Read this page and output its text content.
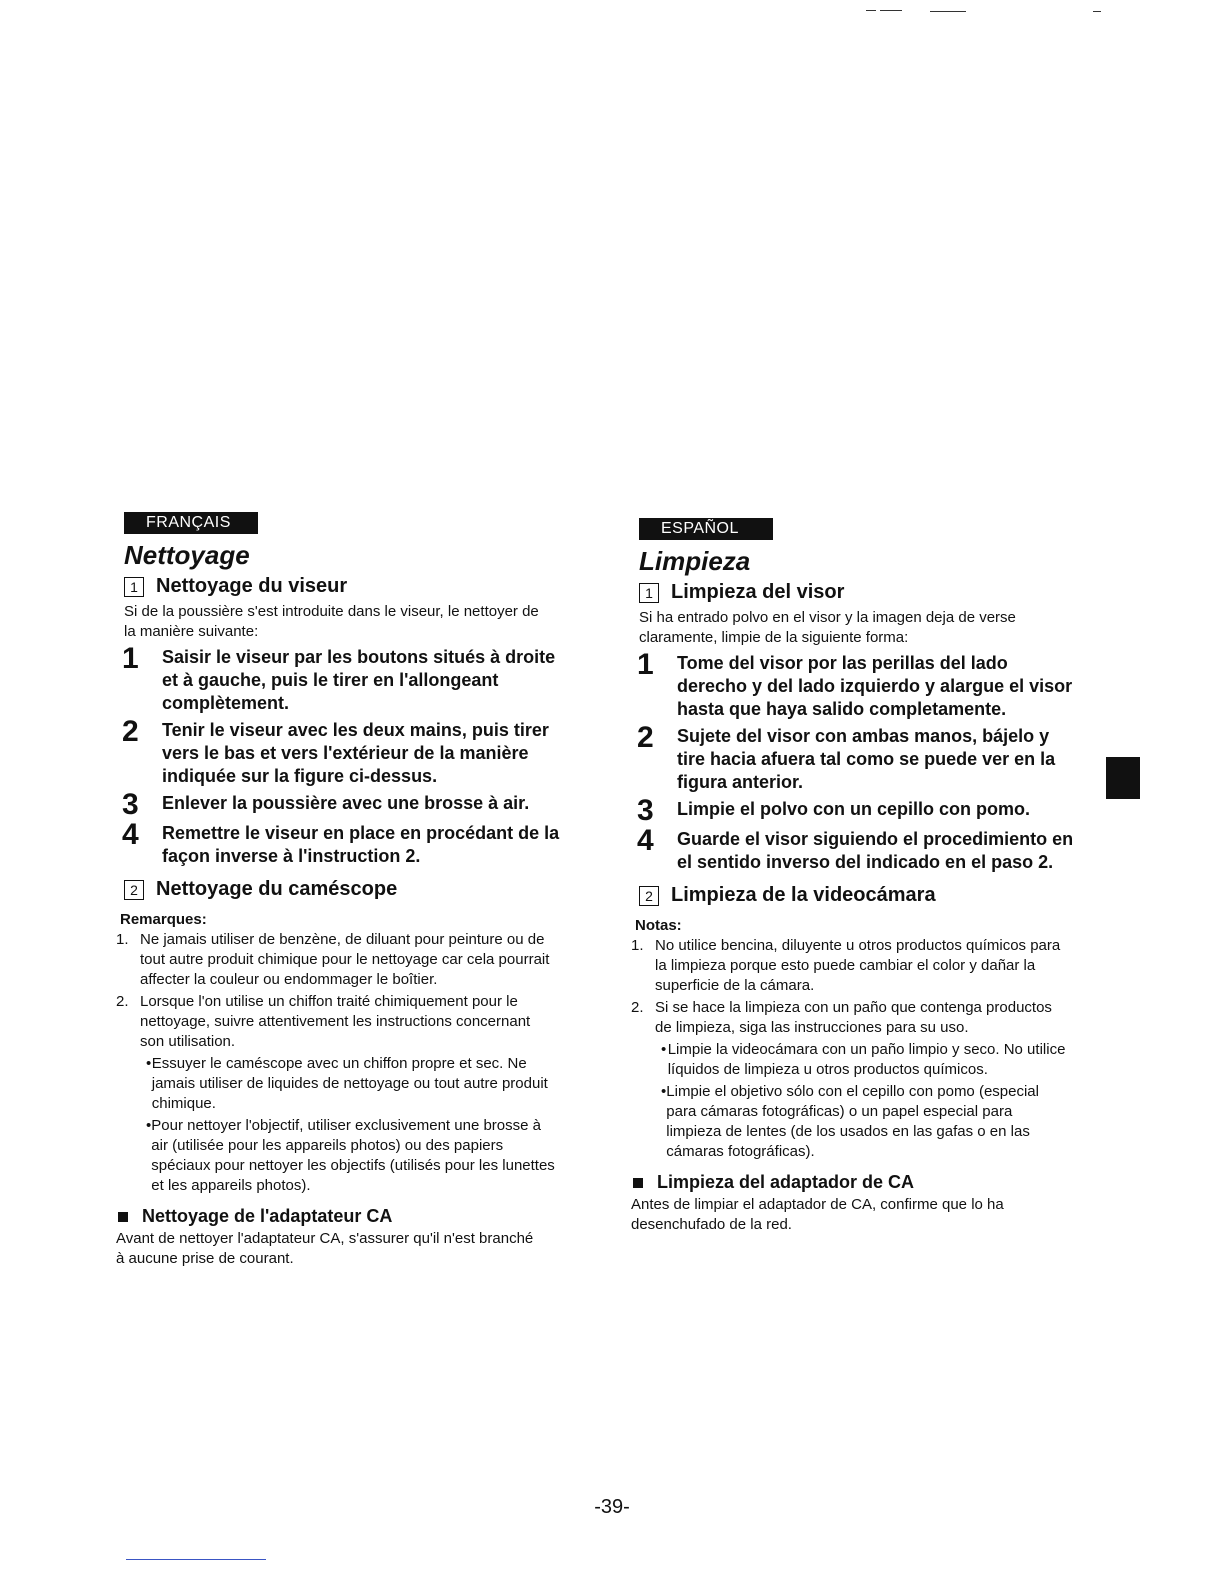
FRANÇAIS
Nettoyage
1 Nettoyage du viseur
Si de la poussière s'est introduite dans le viseur, le nettoyer de la manière suivante:
1	Saisir le viseur par les boutons situés à droite et à gauche, puis le tirer en l'allongeant complètement.
2	Tenir le viseur avec les deux mains, puis tirer vers le bas et vers l'extérieur de la manière indiquée sur la figure ci-dessus.
3	Enlever la poussière avec une brosse à air.
4	Remettre le viseur en place en procédant de la façon inverse à l'instruction 2.
2 Nettoyage du caméscope
Remarques:
1. Ne jamais utiliser de benzène, de diluant pour peinture ou de tout autre produit chimique pour le nettoyage car cela pourrait affecter la couleur ou endommager le boîtier.
2. Lorsque l'on utilise un chiffon traité chimiquement pour le nettoyage, suivre attentivement les instructions concernant son utilisation.
• Essuyer le caméscope avec un chiffon propre et sec. Ne jamais utiliser de liquides de nettoyage ou tout autre produit chimique.
• Pour nettoyer l'objectif, utiliser exclusivement une brosse à air (utilisée pour les appareils photos) ou des papiers spéciaux pour nettoyer les objectifs (utilisés pour les lunettes et les appareils photos).
Nettoyage de l'adaptateur CA
Avant de nettoyer l'adaptateur CA, s'assurer qu'il n'est branché à aucune prise de courant.
ESPAÑOL
Limpieza
1 Limpieza del visor
Si ha entrado polvo en el visor y la imagen deja de verse claramente, limpie de la siguiente forma:
1	Tome del visor por las perillas del lado derecho y del lado izquierdo y alargue el visor hasta que haya salido completamente.
2	Sujete del visor con ambas manos, bájelo y tire hacia afuera tal como se puede ver en la figura anterior.
3	Limpie el polvo con un cepillo con pomo.
4	Guarde el visor siguiendo el procedimiento en el sentido inverso del indicado en el paso 2.
2 Limpieza de la videocámara
Notas:
1. No utilice bencina, diluyente u otros productos químicos para la limpieza porque esto puede cambiar el color y dañar la superficie de la cámara.
2. Si se hace la limpieza con un paño que contenga productos de limpieza, siga las instrucciones para su uso.
• Limpie la videocámara con un paño limpio y seco. No utilice líquidos de limpieza u otros productos químicos.
• Limpie el objetivo sólo con el cepillo con pomo (especial para cámaras fotográficas) o un papel especial para limpieza de lentes (de los usados en las gafas o en las cámaras fotográficas).
Limpieza del adaptador de CA
Antes de limpiar el adaptador de CA, confirme que lo ha desenchufado de la red.
-39-
